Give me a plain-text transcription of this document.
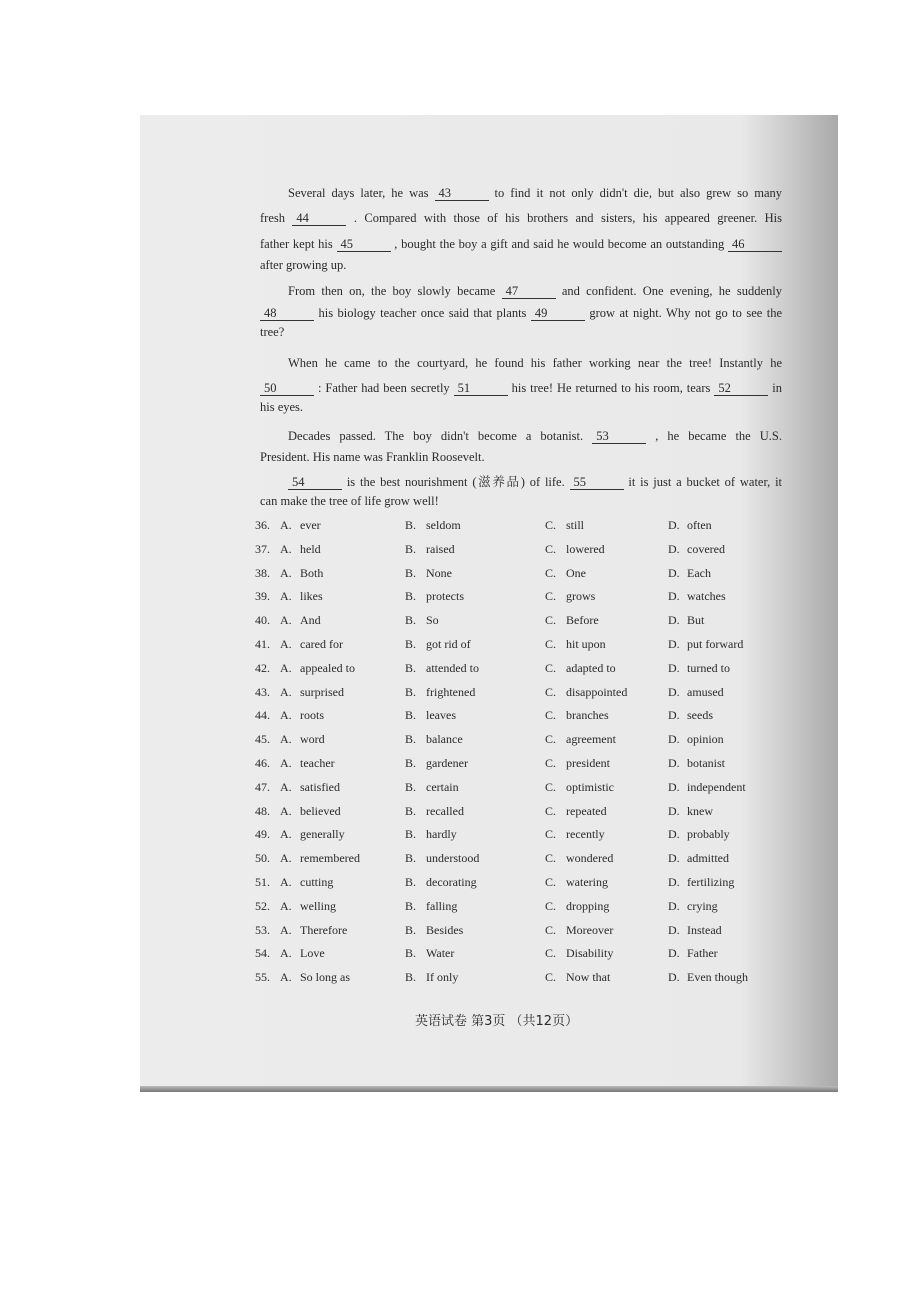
Several days later, he was 43	to find it not only didn't die, but also grew so many
fresh 44	. Compared with those of his brothers and sisters, his appeared greener. His
father kept his 45	, bought the boy a gift and said he would become an outstanding 46
after growing up.
From then on, the boy slowly became 47	and confident. One evening, he suddenly
48	his biology teacher once said that plants 49	grow at night. Why not go to see the
tree?
When he came to the courtyard, he found his father working near the tree! Instantly he
50	: Father had been secretly 51	his tree! He returned to his room, tears 52	in
his eyes.
Decades passed. The boy didn't become a botanist. 53	, he became the U.S.
President. His name was Franklin Roosevelt.
54	is the best nourishment (滋养品) of life. 55	it is just a bucket of water, it
can make the tree of life grow well!
36. A. ever	B. seldom	C. still	D. often
37. A. held	B. raised	C. lowered	D. covered
38. A. Both	B. None	C. One	D. Each
39. A. likes	B. protects	C. grows	D. watches
40. A. And	B. So	C. Before	D. But
41. A. cared for	B. got rid of	C. hit upon	D. put forward
42. A. appealed to	B. attended to	C. adapted to	D. turned to
43. A. surprised	B. frightened	C. disappointed	D. amused
44. A. roots	B. leaves	C. branches	D. seeds
45. A. word	B. balance	C. agreement	D. opinion
46. A. teacher	B. gardener	C. president	D. botanist
47. A. satisfied	B. certain	C. optimistic	D. independent
48. A. believed	B. recalled	C. repeated	D. knew
49. A. generally	B. hardly	C. recently	D. probably
50. A. remembered	B. understood	C. wondered	D. admitted
51. A. cutting	B. decorating	C. watering	D. fertilizing
52. A. welling	B. falling	C. dropping	D. crying
53. A. Therefore	B. Besides	C. Moreover	D. Instead
54. A. Love	B. Water	C. Disability	D. Father
55. A. So long as	B. If only	C. Now that	D. Even though
英语试卷 第3页 （共12页）
